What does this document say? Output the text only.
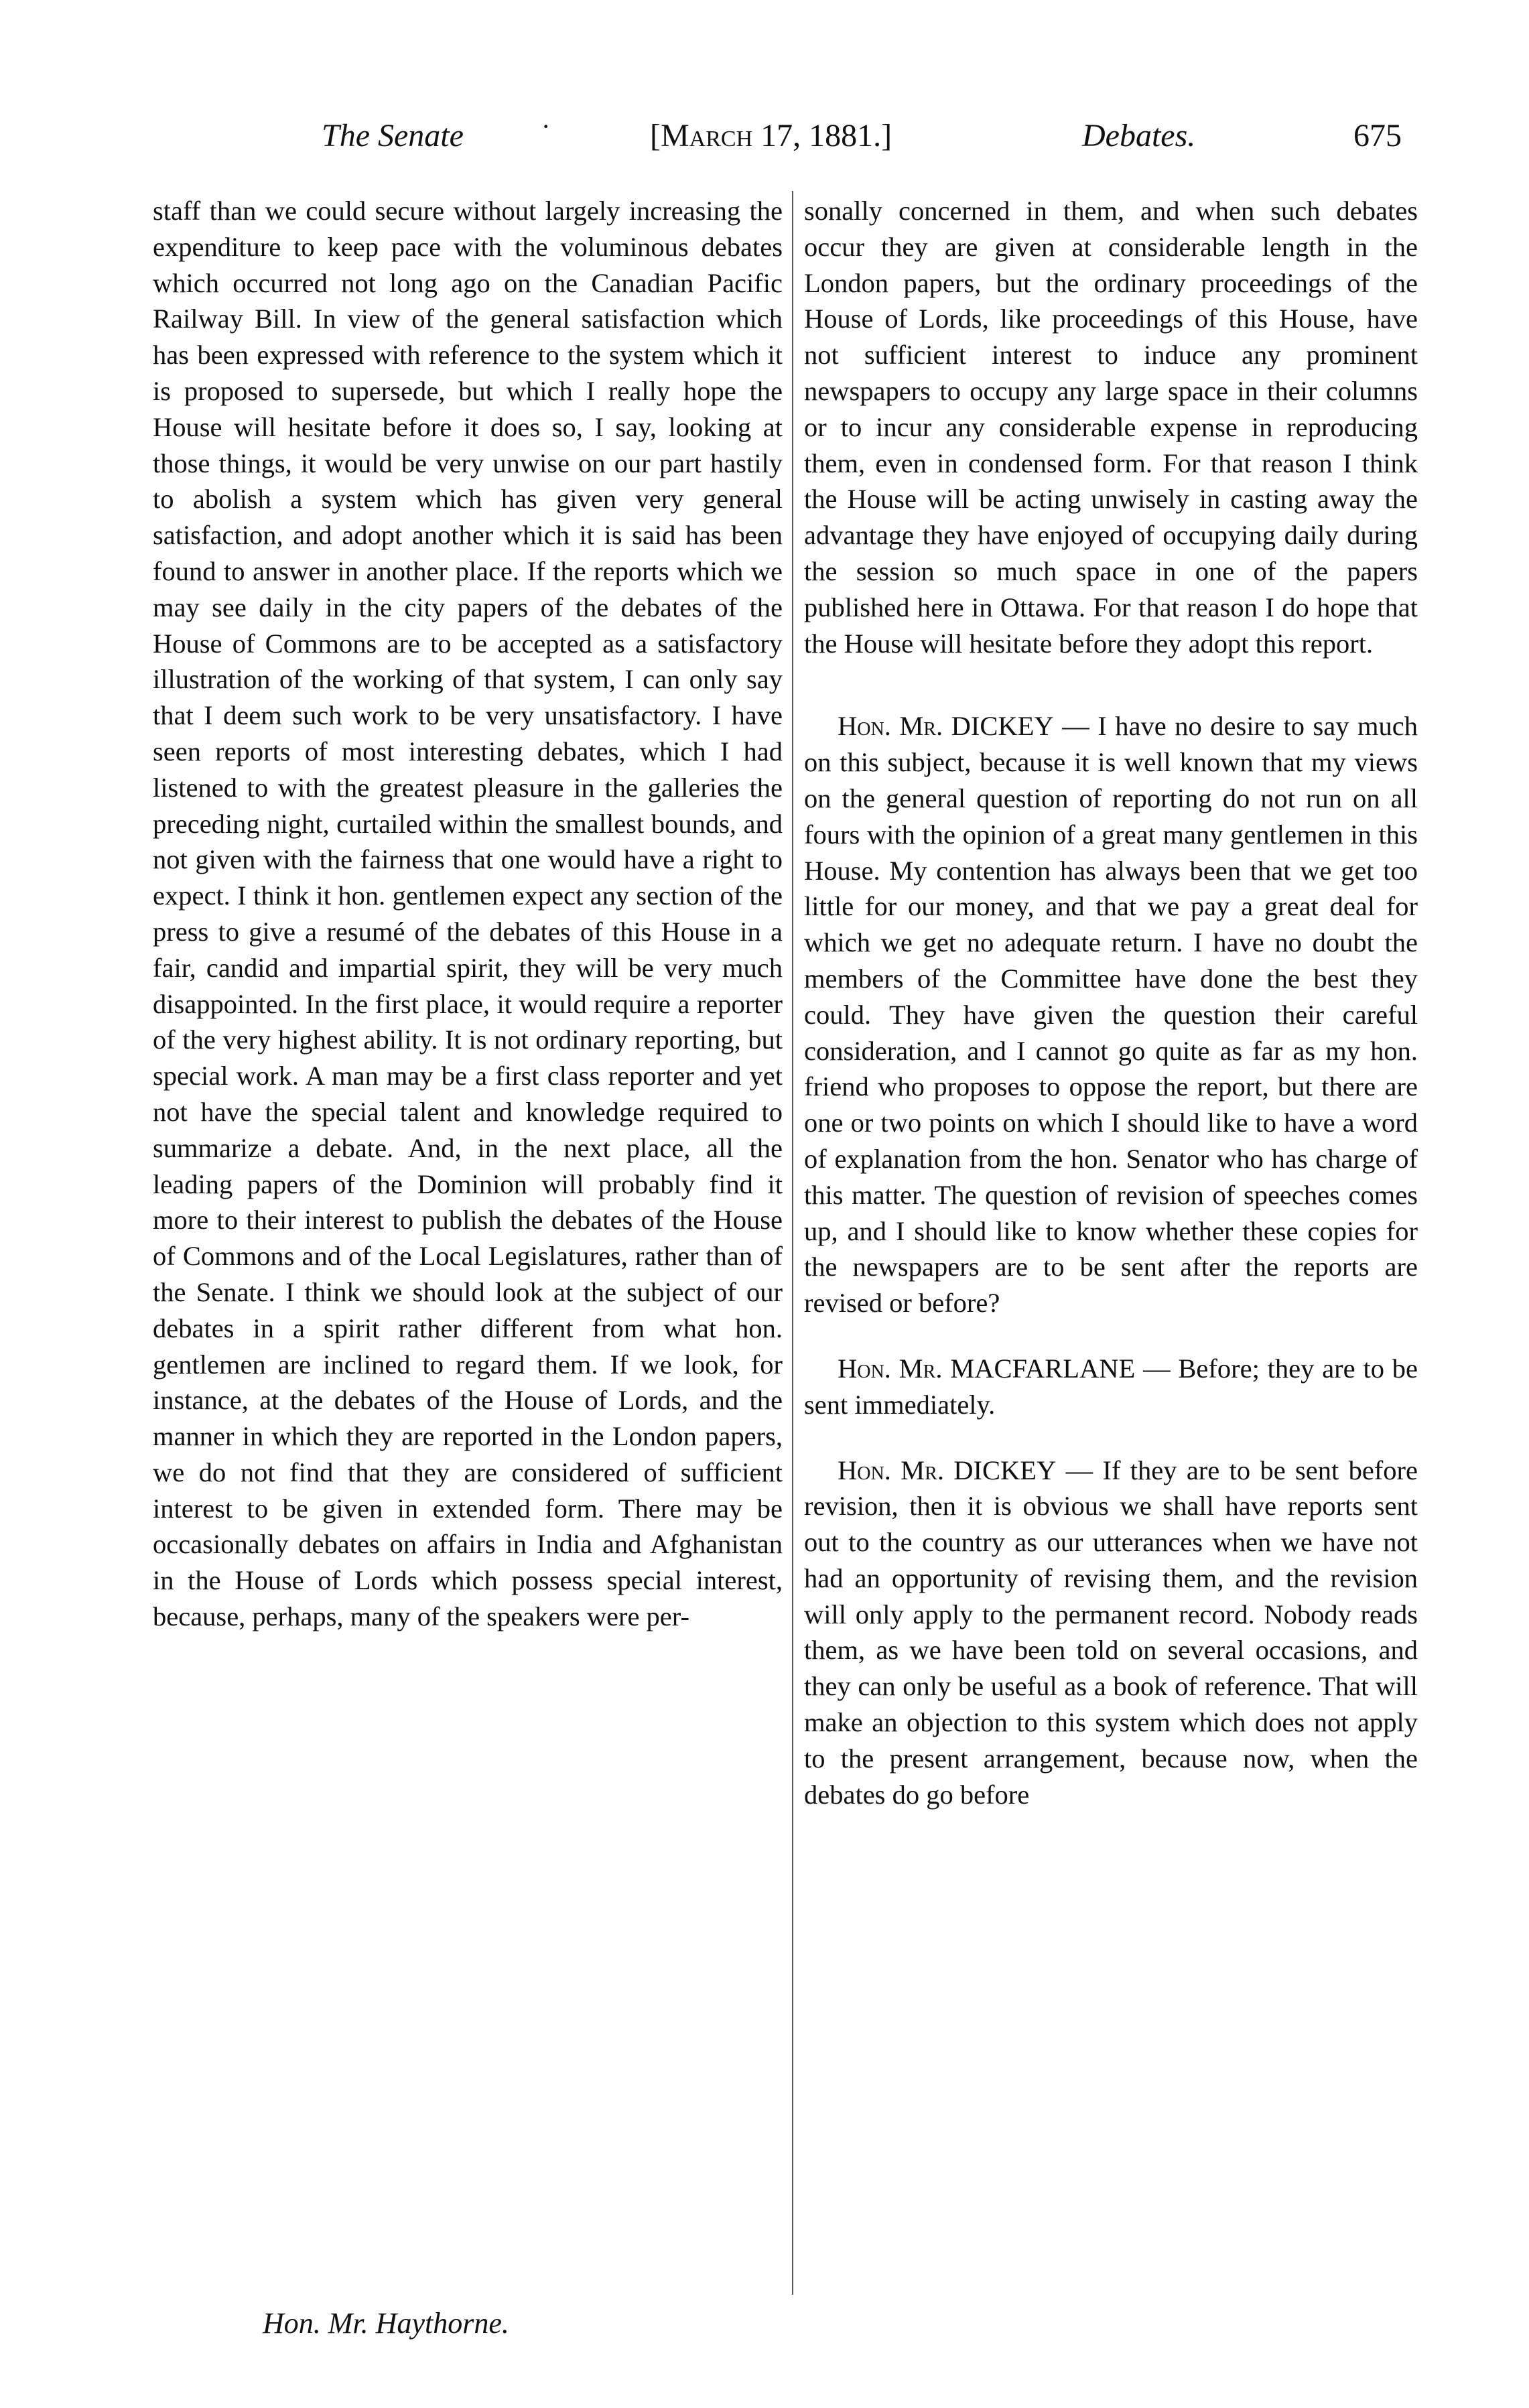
The Senate	·	[March 17, 1881.]	Debates.	675

staff than we could secure without largely increasing the expenditure to keep pace with the voluminous debates which occurred not long ago on the Canadian Pacific Railway Bill. In view of the general satisfaction which has been expressed with reference to the system which it is proposed to supersede, but which I really hope the House will hesitate before it does so, I say, looking at those things, it would be very unwise on our part hastily to abolish a system which has given very general satisfaction, and adopt another which it is said has been found to answer in another place. If the reports which we may see daily in the city papers of the debates of the House of Commons are to be accepted as a satisfactory illustration of the working of that system, I can only say that I deem such work to be very unsatisfactory. I have seen reports of most interesting debates, which I had listened to with the greatest pleasure in the galleries the preceding night, curtailed within the smallest bounds, and not given with the fairness that one would have a right to expect. I think it hon. gentlemen expect any section of the press to give a resumé of the debates of this House in a fair, candid and impartial spirit, they will be very much disappointed. In the first place, it would require a reporter of the very highest ability. It is not ordinary reporting, but special work. A man may be a first class reporter and yet not have the special talent and knowledge required to summarize a debate. And, in the next place, all the leading papers of the Dominion will probably find it more to their interest to publish the debates of the House of Commons and of the Local Legislatures, rather than of the Senate. I think we should look at the subject of our debates in a spirit rather different from what hon. gentlemen are inclined to regard them. If we look, for instance, at the debates of the House of Lords, and the manner in which they are reported in the London papers, we do not find that they are considered of sufficient interest to be given in extended form. There may be occasionally debates on affairs in India and Afghanistan in the House of Lords which possess special interest, because, perhaps, many of the speakers were per-

sonally concerned in them, and when such debates occur they are given at considerable length in the London papers, but the ordinary proceedings of the House of Lords, like proceedings of this House, have not sufficient interest to induce any prominent newspapers to occupy any large space in their columns or to incur any considerable expense in reproducing them, even in condensed form. For that reason I think the House will be acting unwisely in casting away the advantage they have enjoyed of occupying daily during the session so much space in one of the papers published here in Ottawa. For that reason I do hope that the House will hesitate before they adopt this report.

Hon. Mr. DICKEY — I have no desire to say much on this subject, because it is well known that my views on the general question of reporting do not run on all fours with the opinion of a great many gentlemen in this House. My contention has always been that we get too little for our money, and that we pay a great deal for which we get no adequate return. I have no doubt the members of the Committee have done the best they could. They have given the question their careful consideration, and I cannot go quite as far as my hon. friend who proposes to oppose the report, but there are one or two points on which I should like to have a word of explanation from the hon. Senator who has charge of this matter. The question of revision of speeches comes up, and I should like to know whether these copies for the newspapers are to be sent after the reports are revised or before?

Hon. Mr. MACFARLANE — Before; they are to be sent immediately.

Hon. Mr. DICKEY — If they are to be sent before revision, then it is obvious we shall have reports sent out to the country as our utterances when we have not had an opportunity of revising them, and the revision will only apply to the permanent record. Nobody reads them, as we have been told on several occasions, and they can only be useful as a book of reference. That will make an objection to this system which does not apply to the present arrangement, because now, when the debates do go before

Hon. Mr. Haythorne.
